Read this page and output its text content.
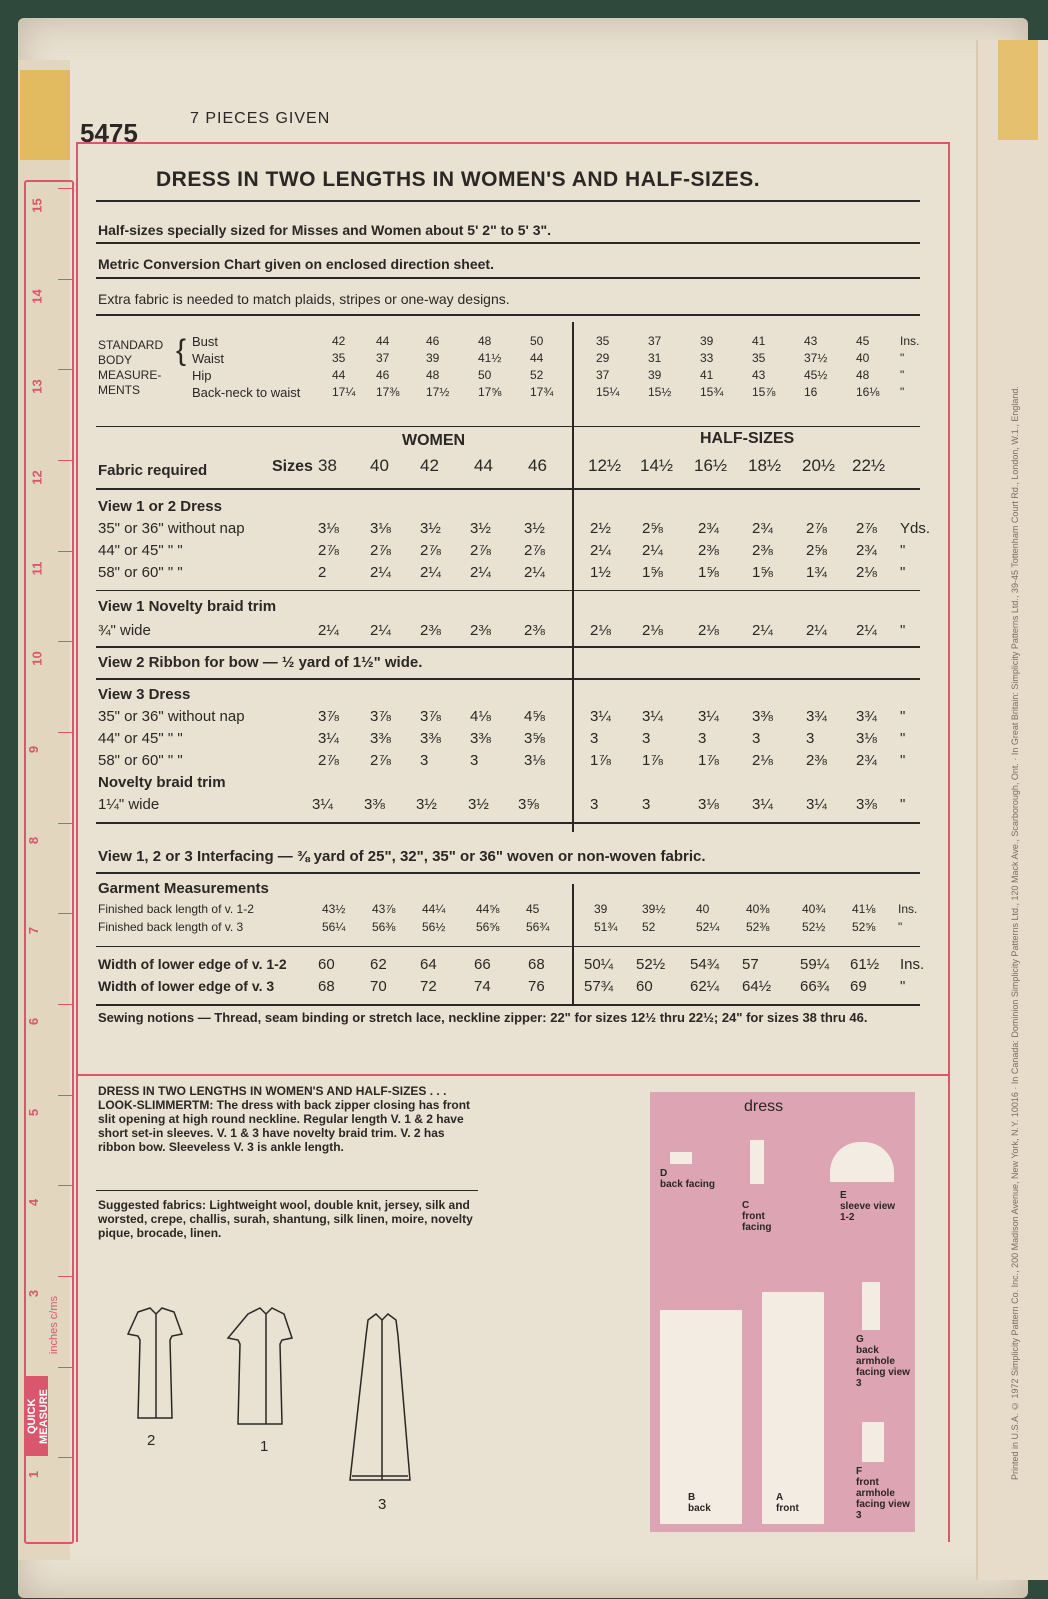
15
14
13
12
11
10
9
8
7
6
5
4
3
1
QUICK MEASURE
inches c/ms	Printed in U.S.A. © 1972 Simplicity Pattern Co. Inc., 200 Madison Avenue, New York, N.Y. 10016 · In Canada: Dominion Simplicity Patterns Ltd., 120 Mack Ave., Scarborough, Ont. · In Great Britain: Simplicity Patterns Ltd., 39-45 Tottenham Court Rd., London, W.1., England.
5475	7 PIECES GIVEN
DRESS IN TWO LENGTHS IN WOMEN'S AND HALF-SIZES.
Half-sizes specially sized for Misses and Women about 5' 2" to 5' 3".
Metric Conversion Chart given on enclosed direction sheet.
Extra fabric is needed to match plaids, stripes or one-way designs.
STANDARD
BODY
MEASURE-
MENTS
{ Bust	42	44	46	48	50	35	37	39	41	43	45	Ins.
Waist	35	37	39	41½ 44	29	31	33	35	37½ 40	"
Hip	44	46	48	50	52	37	39	41	43	45½ 48	"
Back-neck to waist	17¼ 17⅜ 17½ 17⅝ 17¾	15¼ 15½ 15¾ 15⅞ 16	16⅛ "
WOMEN	HALF-SIZES
Fabric required	Sizes 38 40 42 44 46 12½ 14½ 16½ 18½ 20½ 22½
View 1 or 2 Dress
35" or 36" without nap	3⅛ 3⅛ 3½ 3½ 3½	2½ 2⅝ 2¾ 2¾ 2⅞ 2⅞ Yds.
44" or 45" " "	2⅞ 2⅞ 2⅞ 2⅞ 2⅞	2¼ 2¼ 2⅜ 2⅜ 2⅝ 2¾ "
58" or 60" " "	2	2¼ 2¼ 2¼ 2¼	1½ 1⅝ 1⅝ 1⅝ 1¾ 2⅛ "
View 1 Novelty braid trim
¾" wide	2¼ 2¼ 2⅜ 2⅜ 2⅜	2⅛ 2⅛ 2⅛ 2¼ 2¼ 2¼ "
View 2 Ribbon for bow — ½ yard of 1½" wide.
View 3 Dress
35" or 36" without nap	3⅞ 3⅞ 3⅞ 4⅛ 4⅝	3¼ 3¼ 3¼ 3⅜ 3¾ 3¾ "
44" or 45" " "	3¼ 3⅜ 3⅜ 3⅜ 3⅝	3	3	3	3	3	3⅛ "
58" or 60" " "	2⅞ 2⅞ 3	3	3⅛	1⅞ 1⅞ 1⅞ 2⅛ 2⅜ 2¾ "
Novelty braid trim
1¼" wide	3¼ 3⅜ 3½ 3½ 3⅝	3	3	3⅛ 3¼ 3¼ 3⅜ "
View 1, 2 or 3 Interfacing — ⅜ yard of 25", 32", 35" or 36" woven or non-woven fabric.
Garment Measurements
Finished back length of v. 1-2	43½ 43⅞ 44¼	44⅝ 45	39	39½	40	40⅜	40¾ 41⅛ Ins.
Finished back length of v. 3	56¼ 56⅜ 56½	56⅝ 56¾	51¾ 52	52¼ 52⅜	52½ 52⅝ "
Width of lower edge of v. 1-2 60 62 64 66 68	50¼ 52½ 54¾ 57	59¼ 61½ Ins.
Width of lower edge of v. 3	68 70 72 74 76	57¾ 60 62¼ 64½ 66¾ 69 "
Sewing notions — Thread, seam binding or stretch lace, neckline zipper: 22" for sizes 12½ thru 22½; 24" for sizes 38 thru 46.
DRESS IN TWO LENGTHS IN WOMEN'S AND HALF-SIZES . . . LOOK-SLIMMERTM: The dress with back zipper closing has front slit opening at high round neckline. Regular length V. 1 & 2 have short set-in sleeves. V. 1 & 3 have novelty braid trim. V. 2 has ribbon bow. Sleeveless V. 3 is ankle length.
Suggested fabrics: Lightweight wool, double knit, jersey, silk and worsted, crepe, challis, surah, shantung, silk linen, moire, novelty pique, brocade, linen.
2	1
3
dress
D
back facing
C
front facing
E
sleeve view 1-2
G
back armhole facing view 3
B
back
A
front
F
front armhole facing view 3
